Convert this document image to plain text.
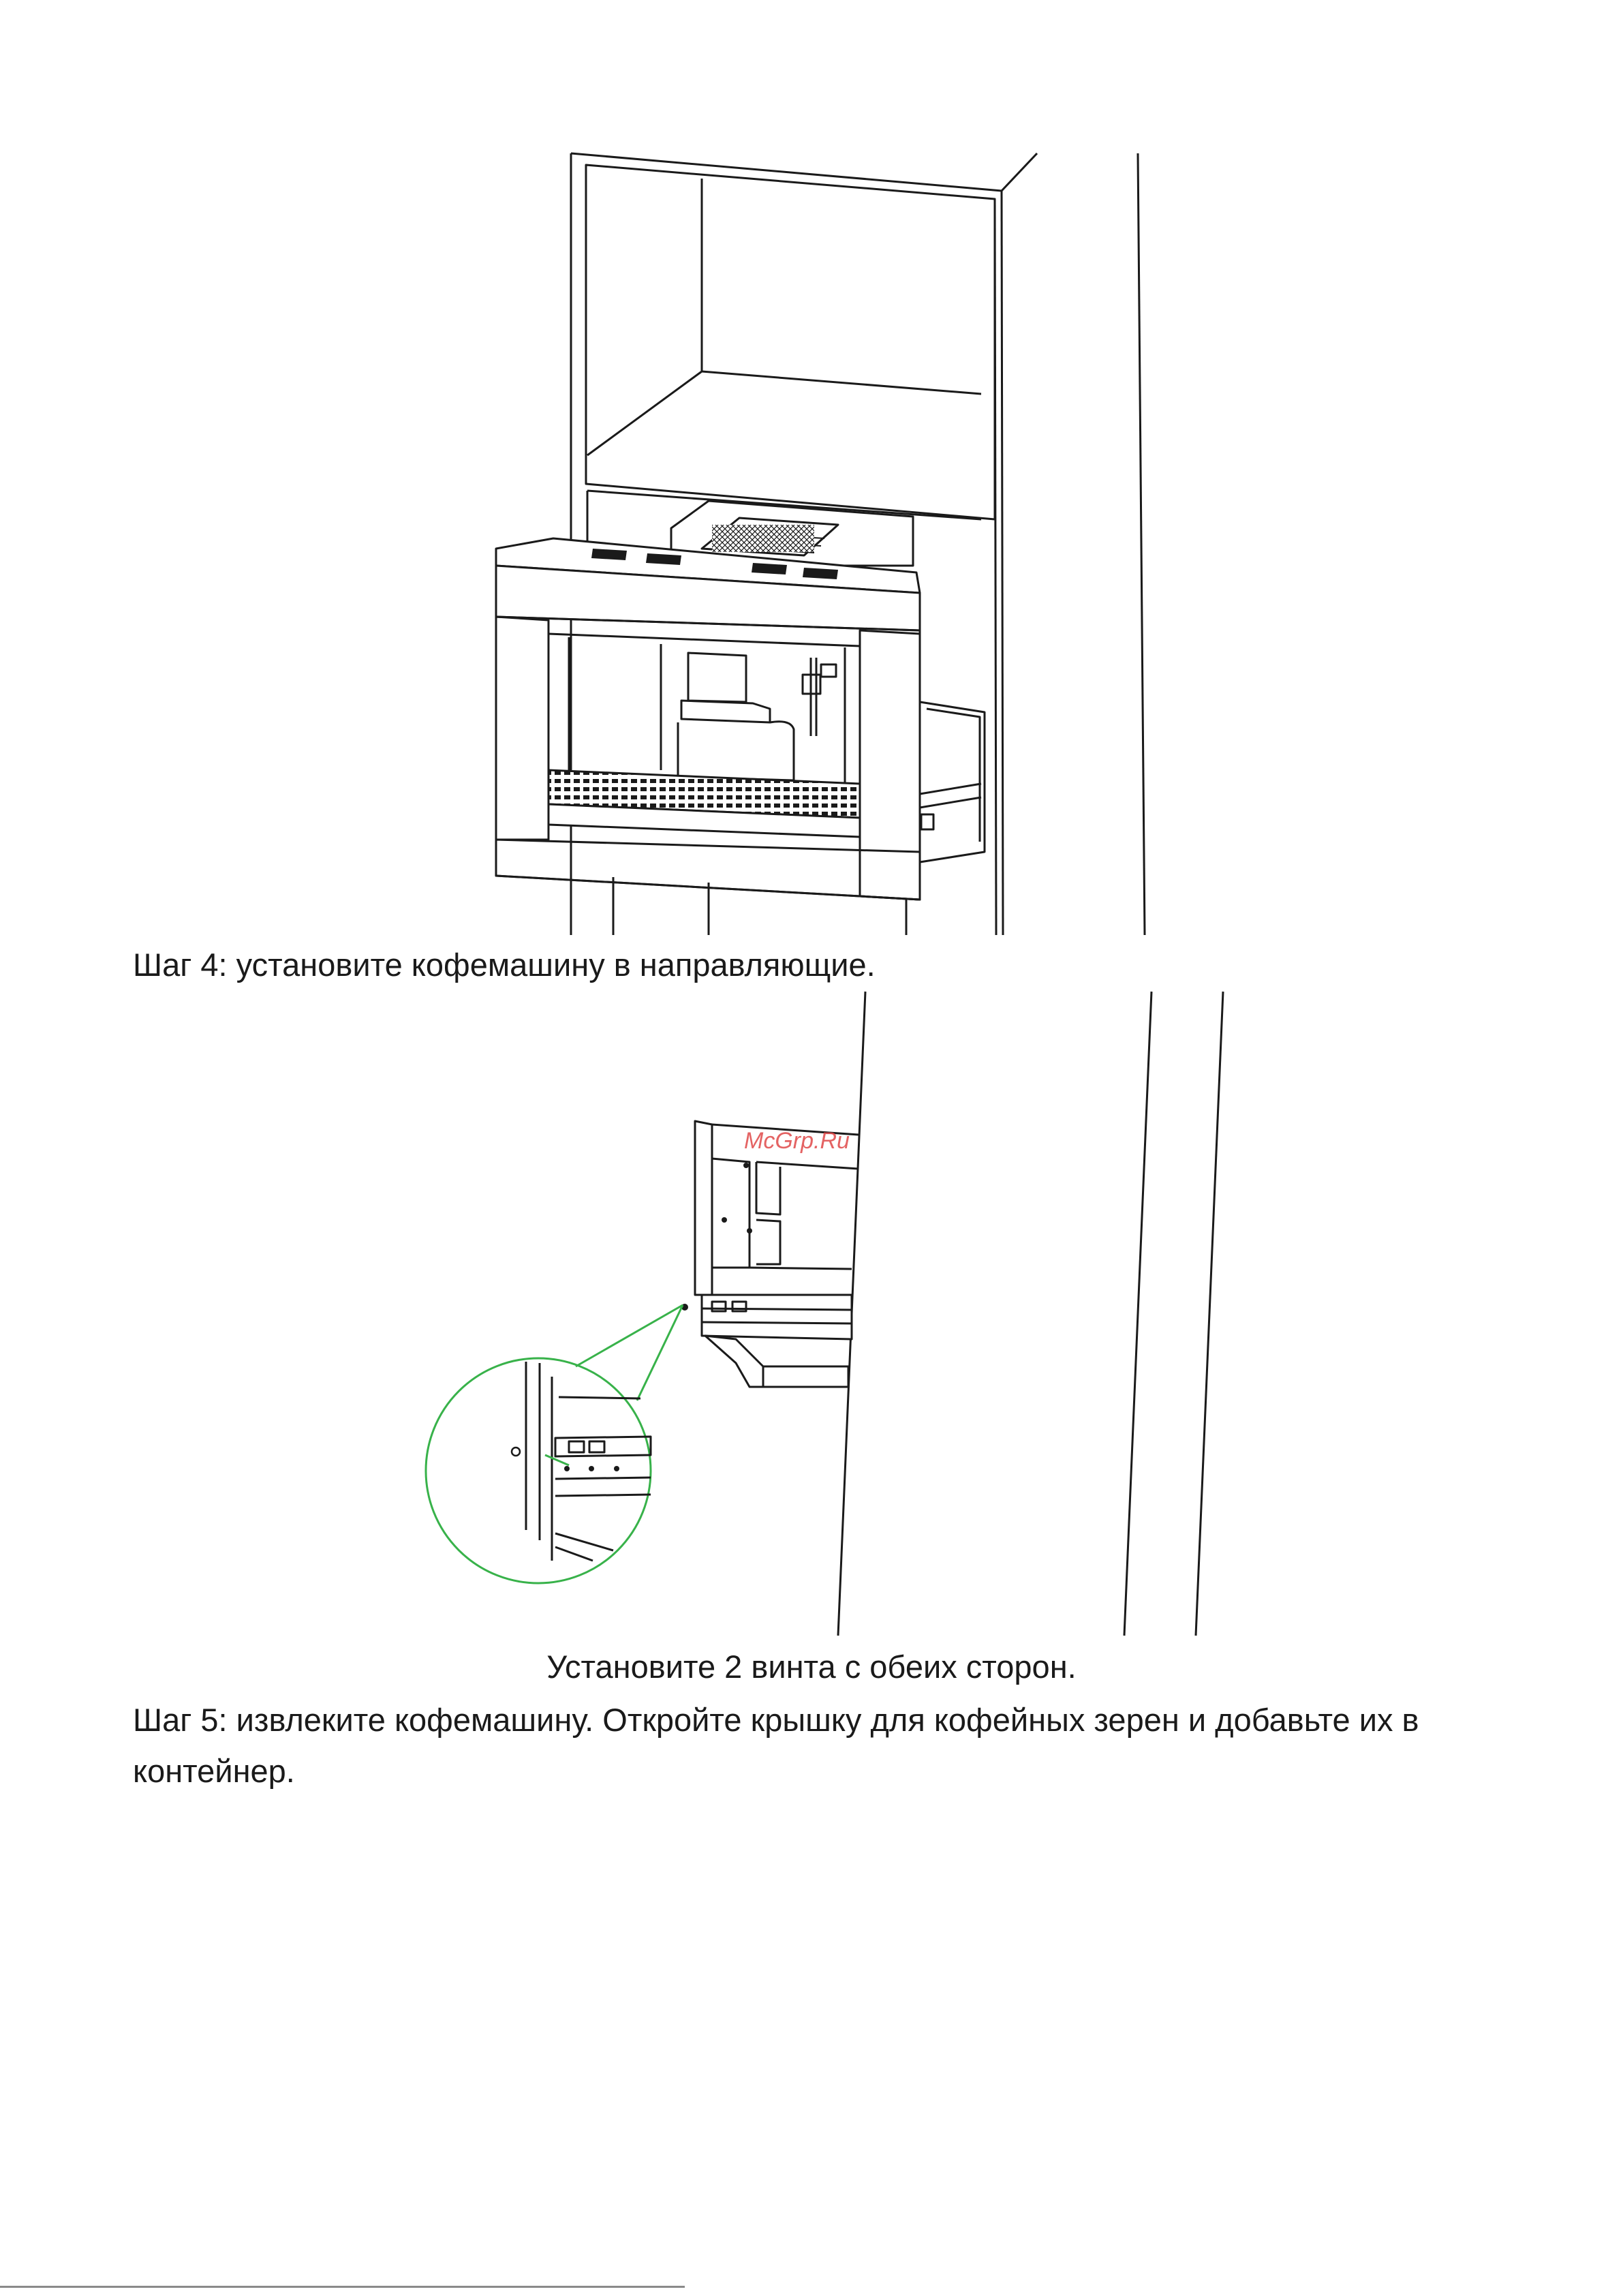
Шаг 4: установите кофемашину в направляющие.
McGrp.Ru
Установите 2 винта с обеих сторон.
Шаг 5: извлеките кофемашину. Откройте крышку для кофейных зерен и добавьте их в
контейнер.
